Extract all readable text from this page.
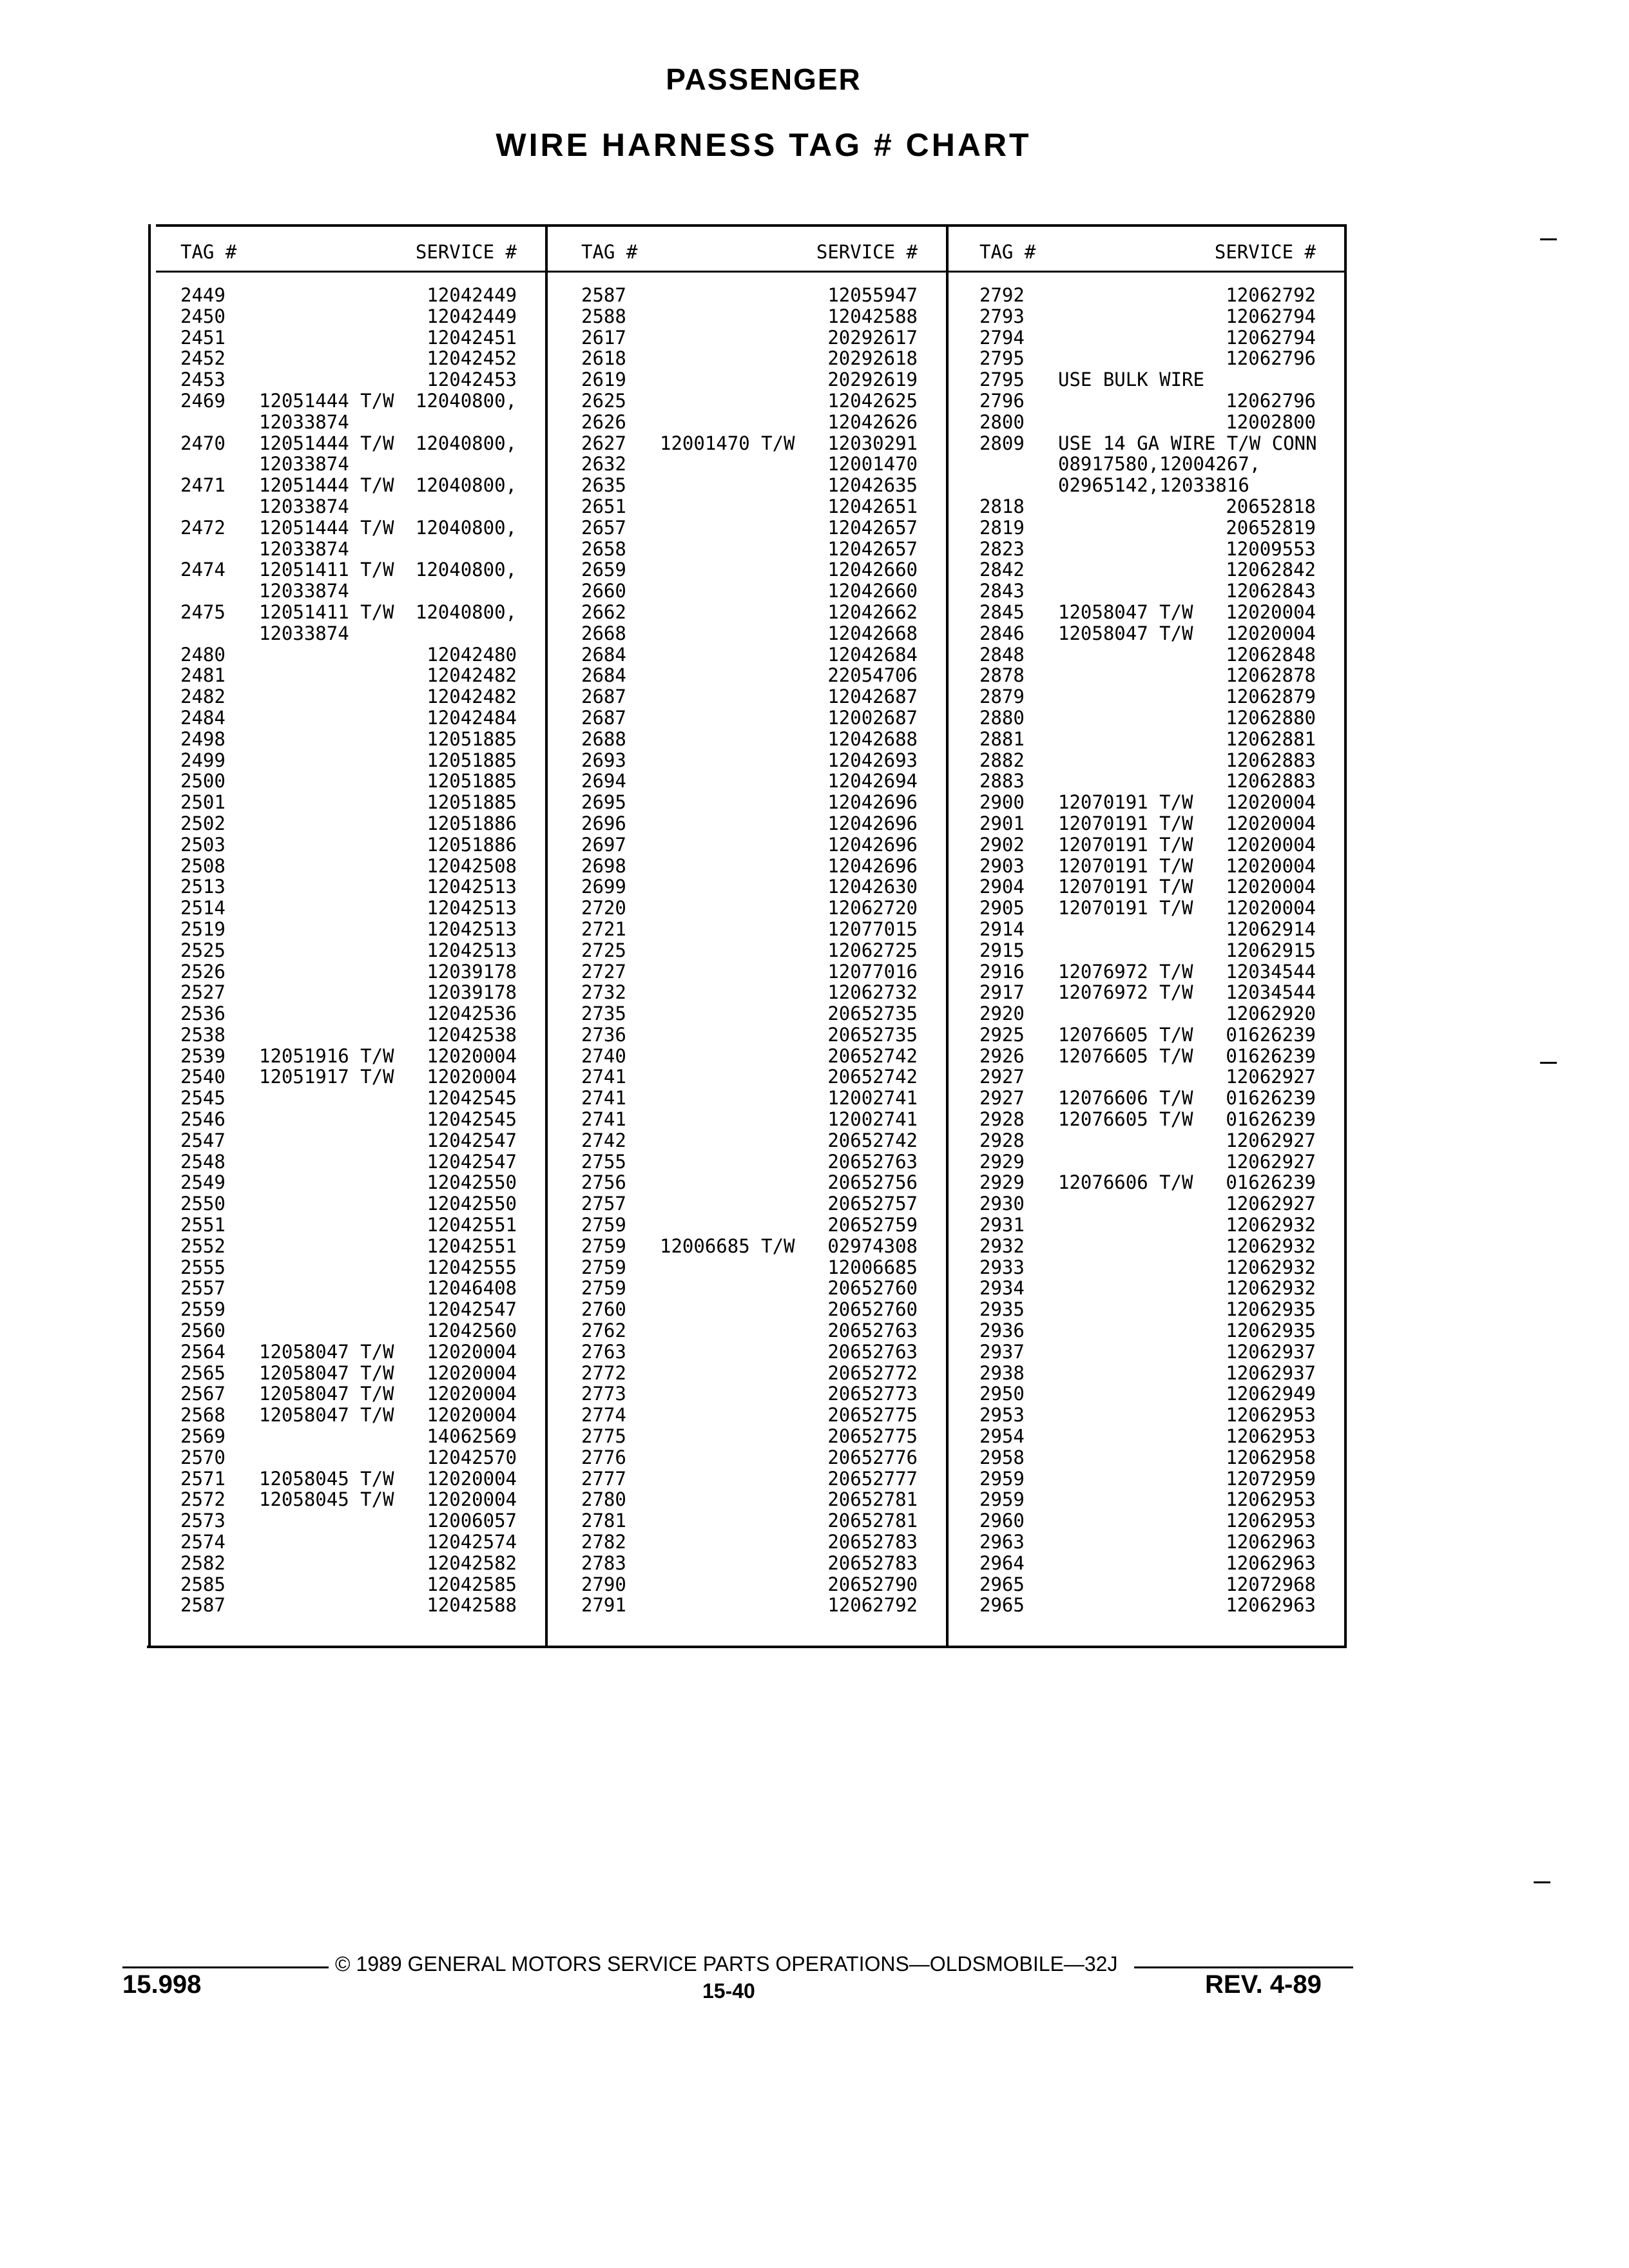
PASSENGER
WIRE HARNESS TAG # CHART
TAG #	SERVICE #
2449	12042449
2450	12042449
2451	12042451
2452	12042452
2453	12042453
2469 12051444 T/W 12040800,
12033874
2470 12051444 T/W 12040800,
12033874
2471 12051444 T/W 12040800,
12033874
2472 12051444 T/W 12040800,
12033874
2474 12051411 T/W 12040800,
12033874
2475 12051411 T/W 12040800,
12033874
2480	12042480
2481	12042482
2482	12042482
2484	12042484
2498	12051885
2499	12051885
2500	12051885
2501	12051885
2502	12051886
2503	12051886
2508	12042508
2513	12042513
2514	12042513
2519	12042513
2525	12042513
2526	12039178
2527	12039178
2536	12042536
2538	12042538
2539 12051916 T/W 12020004
2540 12051917 T/W 12020004
2545	12042545
2546	12042545
2547	12042547
2548	12042547
2549	12042550
2550	12042550
2551	12042551
2552	12042551
2555	12042555
2557	12046408
2559	12042547
2560	12042560
2564 12058047 T/W 12020004
2565 12058047 T/W 12020004
2567 12058047 T/W 12020004
2568 12058047 T/W 12020004
2569	14062569
2570	12042570
2571 12058045 T/W 12020004
2572 12058045 T/W 12020004
2573	12006057
2574	12042574
2582	12042582
2585	12042585
2587	12042588
TAG #	SERVICE #
2587	12055947
2588	12042588
2617	20292617
2618	20292618
2619	20292619
2625	12042625
2626	12042626
2627 12001470 T/W 12030291
2632	12001470
2635	12042635
2651	12042651
2657	12042657
2658	12042657
2659	12042660
2660	12042660
2662	12042662
2668	12042668
2684	12042684
2684	22054706
2687	12042687
2687	12002687
2688	12042688
2693	12042693
2694	12042694
2695	12042696
2696	12042696
2697	12042696
2698	12042696
2699	12042630
2720	12062720
2721	12077015
2725	12062725
2727	12077016
2732	12062732
2735	20652735
2736	20652735
2740	20652742
2741	20652742
2741	12002741
2741	12002741
2742	20652742
2755	20652763
2756	20652756
2757	20652757
2759	20652759
2759 12006685 T/W 02974308
2759	12006685
2759	20652760
2760	20652760
2762	20652763
2763	20652763
2772	20652772
2773	20652773
2774	20652775
2775	20652775
2776	20652776
2777	20652777
2780	20652781
2781	20652781
2782	20652783
2783	20652783
2790	20652790
2791	12062792
TAG #	SERVICE #
2792	12062792
2793	12062794
2794	12062794
2795	12062796
2795 USE BULK WIRE
2796	12062796
2800	12002800
2809 USE 14 GA WIRE T/W CONN
08917580,12004267,
02965142,12033816
2818	20652818
2819	20652819
2823	12009553
2842	12062842
2843	12062843
2845 12058047 T/W 12020004
2846 12058047 T/W 12020004
2848	12062848
2878	12062878
2879	12062879
2880	12062880
2881	12062881
2882	12062883
2883	12062883
2900 12070191 T/W 12020004
2901 12070191 T/W 12020004
2902 12070191 T/W 12020004
2903 12070191 T/W 12020004
2904 12070191 T/W 12020004
2905 12070191 T/W 12020004
2914	12062914
2915	12062915
2916 12076972 T/W 12034544
2917 12076972 T/W 12034544
2920	12062920
2925 12076605 T/W 01626239
2926 12076605 T/W 01626239
2927	12062927
2927 12076606 T/W 01626239
2928 12076605 T/W 01626239
2928	12062927
2929	12062927
2929 12076606 T/W 01626239
2930	12062927
2931	12062932
2932	12062932
2933	12062932
2934	12062932
2935	12062935
2936	12062935
2937	12062937
2938	12062937
2950	12062949
2953	12062953
2954	12062953
2958	12062958
2959	12072959
2959	12062953
2960	12062953
2963	12062963
2964	12062963
2965	12072968
2965	12062963
© 1989 GENERAL MOTORS SERVICE PARTS OPERATIONS—OLDSMOBILE—32J
15.998	15-40	REV. 4-89
